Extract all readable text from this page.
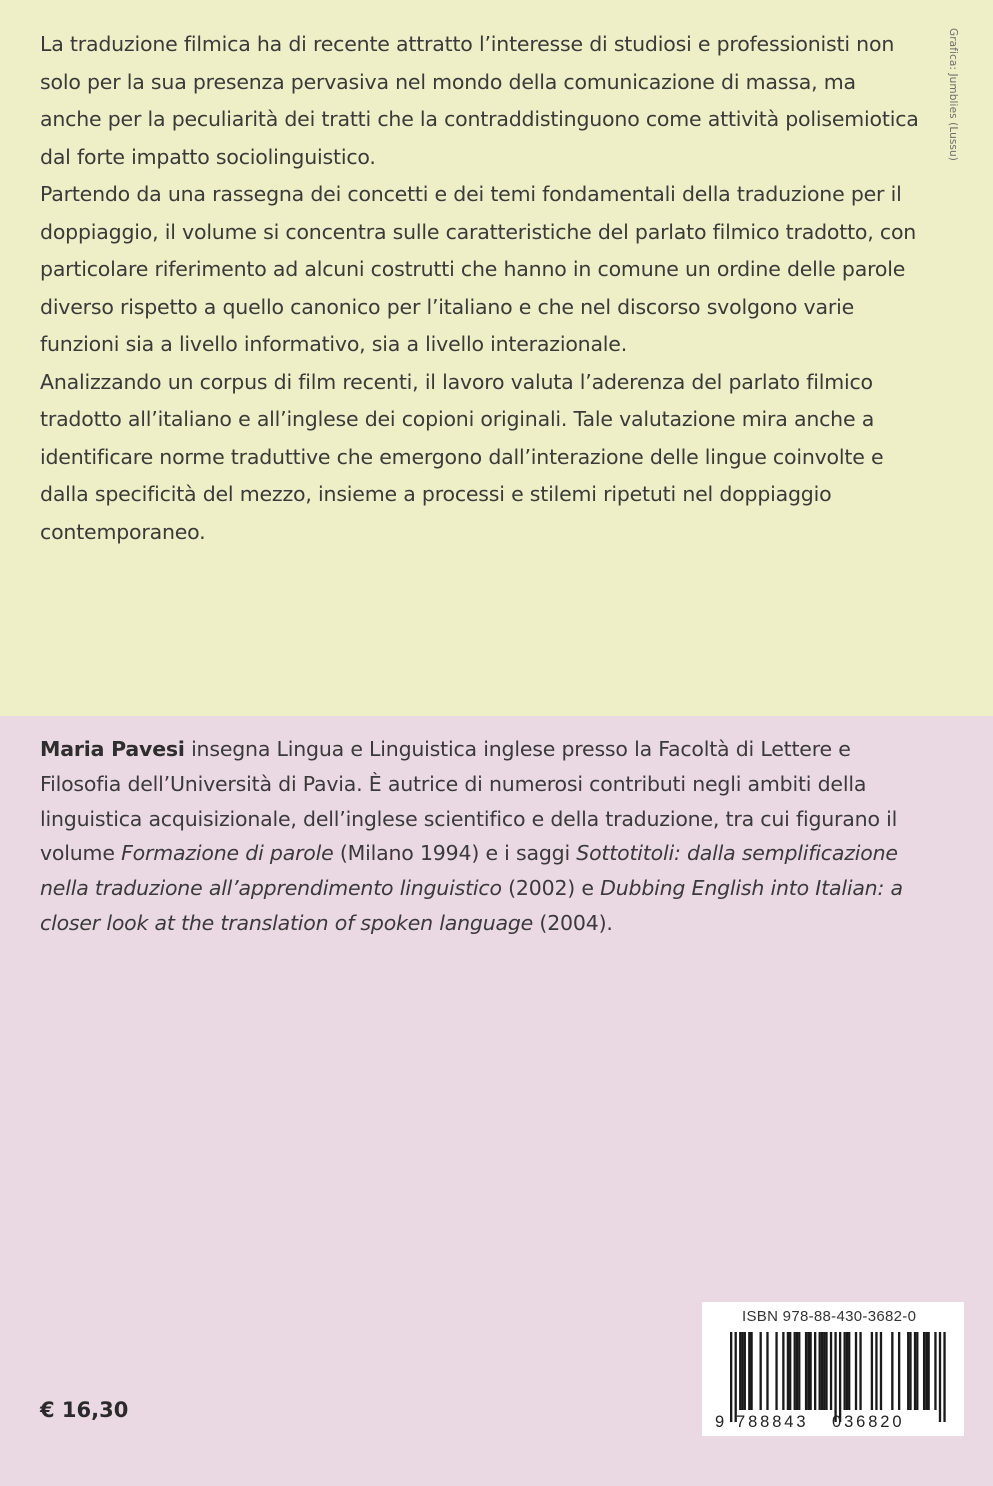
La traduzione filmica ha di recente attratto l’interesse di studiosi e professionisti non solo per la sua presenza pervasiva nel mondo della comunicazione di massa, ma anche per la peculiarità dei tratti che la contraddistinguono come attività polisemiotica dal forte impatto sociolinguistico.

Partendo da una rassegna dei concetti e dei temi fondamentali della traduzione per il doppiaggio, il volume si concentra sulle caratteristiche del parlato filmico tradotto, con particolare riferimento ad alcuni costrutti che hanno in comune un ordine delle parole diverso rispetto a quello canonico per l’italiano e che nel discorso svolgono varie funzioni sia a livello informativo, sia a livello interazionale.

Analizzando un corpus di film recenti, il lavoro valuta l’aderenza del parlato filmico tradotto all’italiano e all’inglese dei copioni originali. Tale valutazione mira anche a identificare norme traduttive che emergono dall’interazione delle lingue coinvolte e dalla specificità del mezzo, insieme a processi e stilemi ripetuti nel doppiaggio contemporaneo.

Grafica: Jumblies (Lussu)

Maria Pavesi insegna Lingua e Linguistica inglese presso la Facoltà di Lettere e Filosofia dell’Università di Pavia. È autrice di numerosi contributi negli ambiti della linguistica acquisizionale, dell’inglese scientifico e della traduzione, tra cui figurano il volume Formazione di parole (Milano 1994) e i saggi Sottotitoli: dalla semplificazione nella traduzione all’apprendimento linguistico (2002) e Dubbing English into Italian: a closer look at the translation of spoken language (2004).

€ 16,30
ISBN 978-88-430-3682-0
9 788843 036820
